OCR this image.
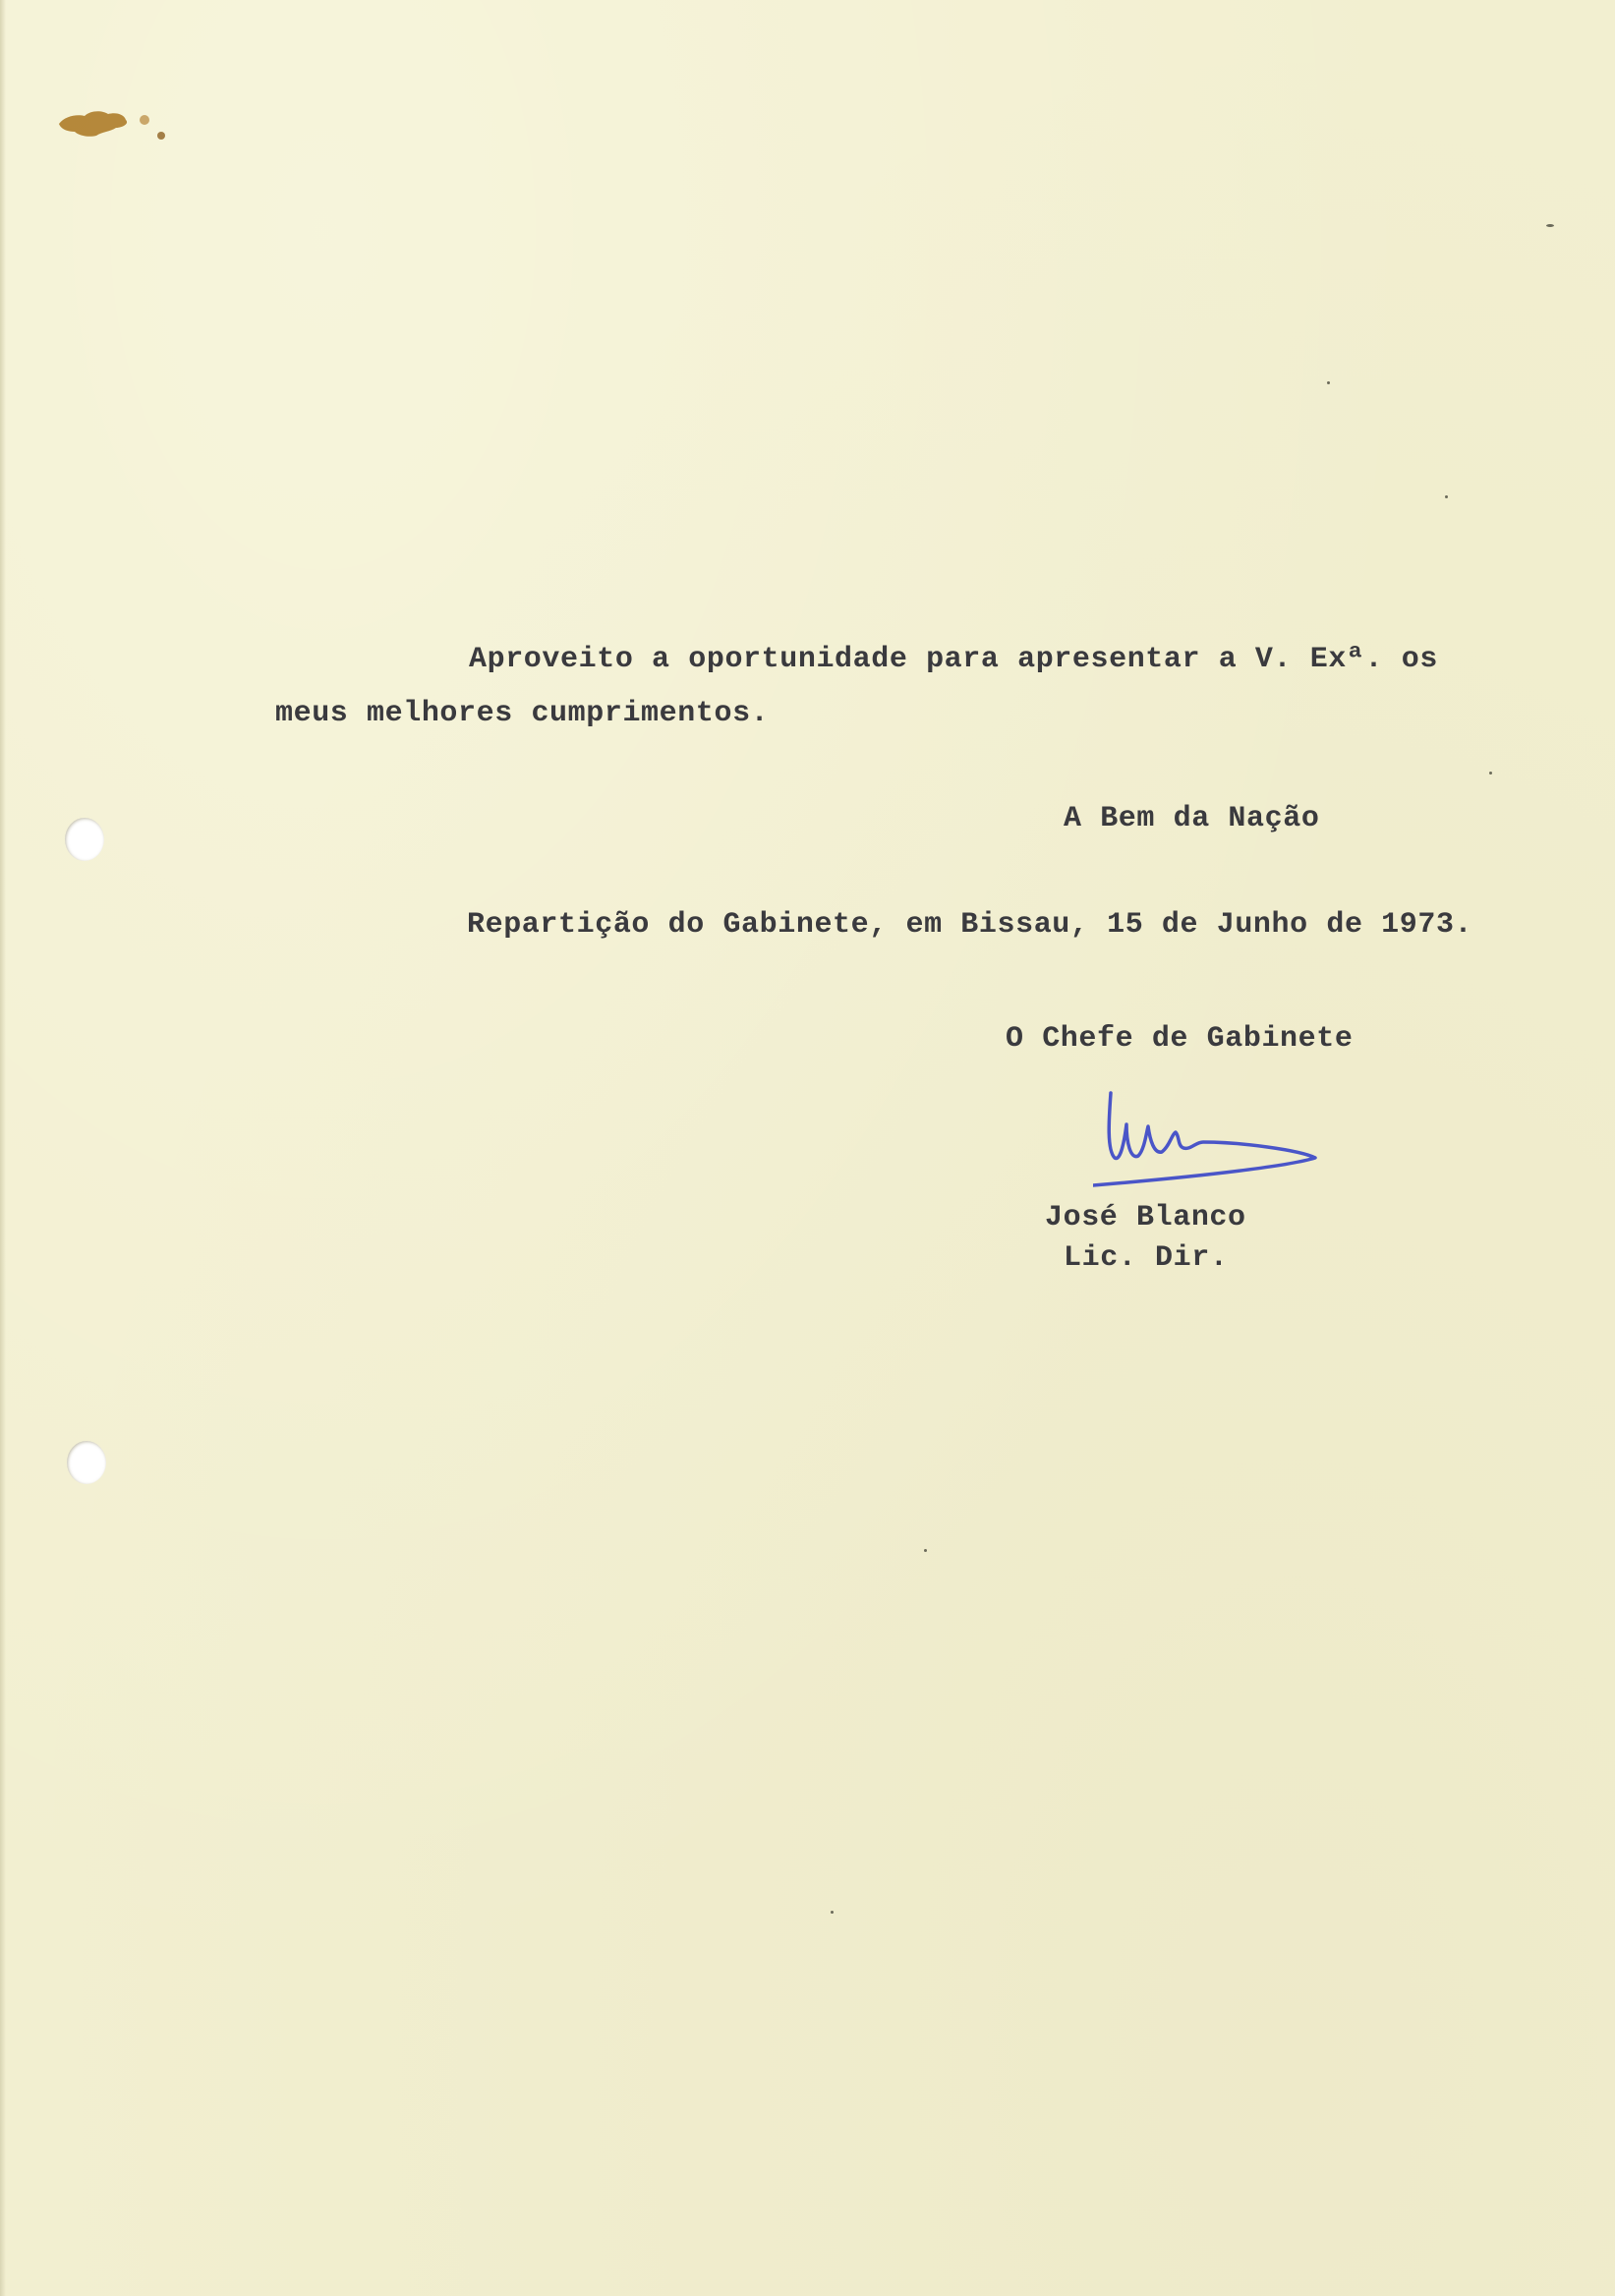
Aproveito a oportunidade para apresentar a V. Exª. os
meus melhores cumprimentos.
A Bem da Nação
Repartição do Gabinete, em Bissau, 15 de Junho de 1973.
O Chefe de Gabinete
José Blanco
Lic. Dir.
